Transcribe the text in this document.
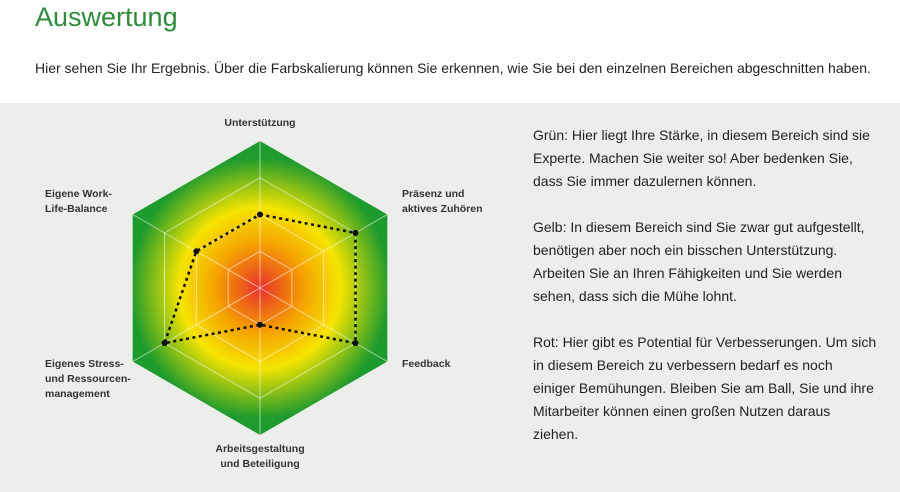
Auswertung
Hier sehen Sie Ihr Ergebnis. Über die Farbskalierung können Sie erkennen, wie Sie bei den einzelnen Bereichen abgeschnitten haben.
Unterstützung
Präsenz und aktives Zuhören
Feedback
Arbeitsgestaltung und Beteiligung
Eigenes Stress-und Ressourcen-management
Eigene Work-Life-Balance
Grün: Hier liegt Ihre Stärke, in diesem Bereich sind sie Experte. Machen Sie weiter so! Aber bedenken Sie, dass Sie immer dazulernen können.
Gelb: In diesem Bereich sind Sie zwar gut aufgestellt, benötigen aber noch ein bisschen Unterstützung. Arbeiten Sie an Ihren Fähigkeiten und Sie werden sehen, dass sich die Mühe lohnt.
Rot: Hier gibt es Potential für Verbesserungen. Um sich in diesem Bereich zu verbessern bedarf es noch einiger Bemühungen. Bleiben Sie am Ball, Sie und ihre Mitarbeiter können einen großen Nutzen daraus ziehen.
